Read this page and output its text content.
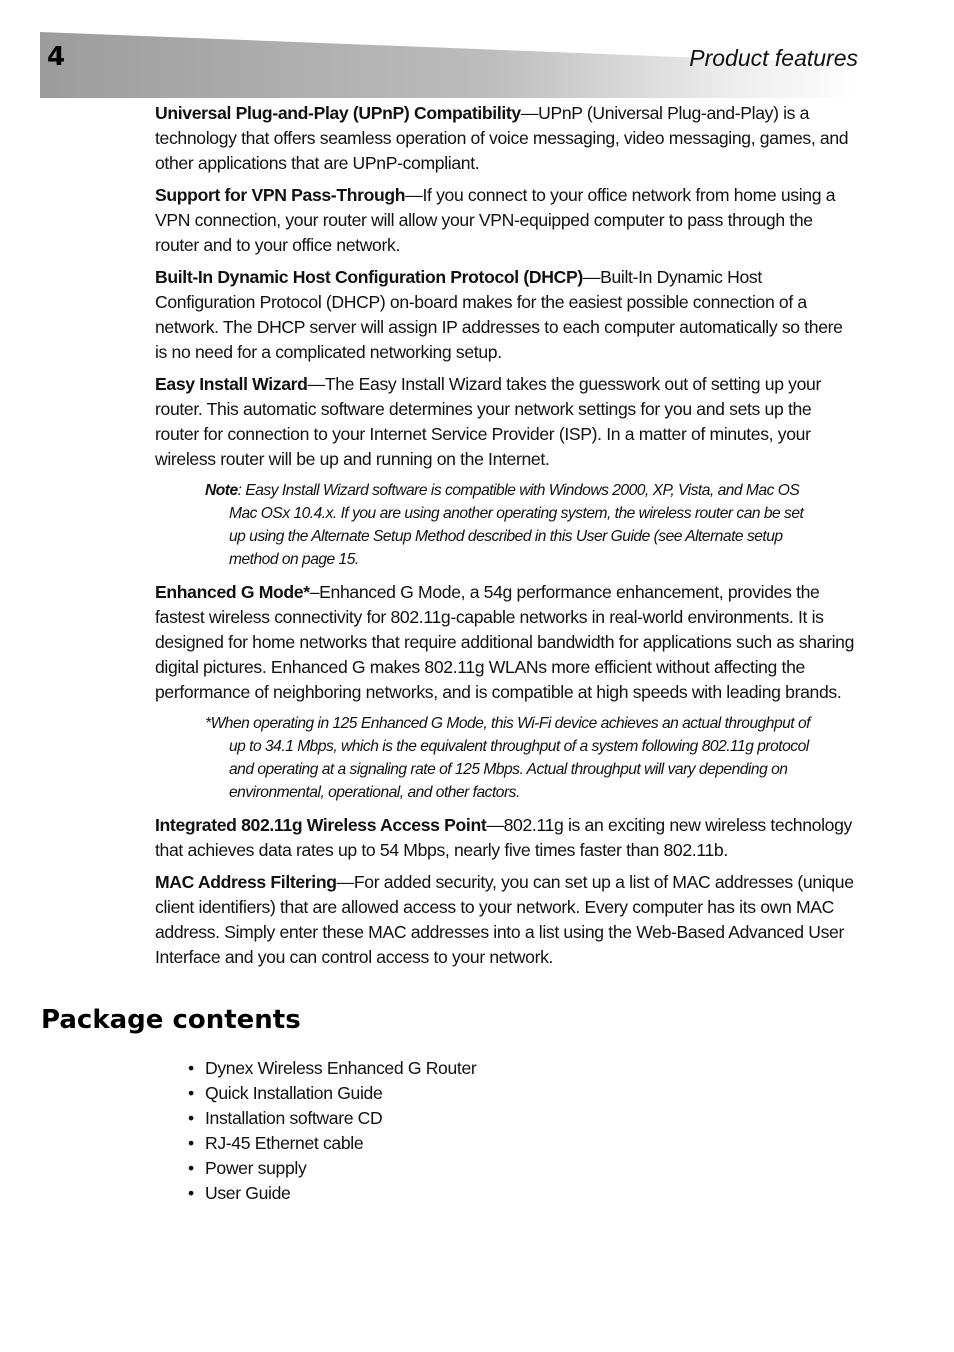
4	Product features

Universal Plug-and-Play (UPnP) Compatibility—UPnP (Universal Plug-and-Play) is a technology that offers seamless operation of voice messaging, video messaging, games, and other applications that are UPnP-compliant.

Support for VPN Pass-Through—If you connect to your office network from home using a VPN connection, your router will allow your VPN-equipped computer to pass through the router and to your office network.

Built-In Dynamic Host Configuration Protocol (DHCP)—Built-In Dynamic Host Configuration Protocol (DHCP) on-board makes for the easiest possible connection of a network. The DHCP server will assign IP addresses to each computer automatically so there is no need for a complicated networking setup.

Easy Install Wizard—The Easy Install Wizard takes the guesswork out of setting up your router. This automatic software determines your network settings for you and sets up the router for connection to your Internet Service Provider (ISP). In a matter of minutes, your wireless router will be up and running on the Internet.

Note: Easy Install Wizard software is compatible with Windows 2000, XP, Vista, and Mac OS Mac OSx 10.4.x. If you are using another operating system, the wireless router can be set up using the Alternate Setup Method described in this User Guide (see Alternate setup method on page 15.

Enhanced G Mode*–Enhanced G Mode, a 54g performance enhancement, provides the fastest wireless connectivity for 802.11g-capable networks in real-world environments. It is designed for home networks that require additional bandwidth for applications such as sharing digital pictures. Enhanced G makes 802.11g WLANs more efficient without affecting the performance of neighboring networks, and is compatible at high speeds with leading brands.

*When operating in 125 Enhanced G Mode, this Wi-Fi device achieves an actual throughput of up to 34.1 Mbps, which is the equivalent throughput of a system following 802.11g protocol and operating at a signaling rate of 125 Mbps. Actual throughput will vary depending on environmental, operational, and other factors.

Integrated 802.11g Wireless Access Point—802.11g is an exciting new wireless technology that achieves data rates up to 54 Mbps, nearly five times faster than 802.11b.

MAC Address Filtering—For added security, you can set up a list of MAC addresses (unique client identifiers) that are allowed access to your network. Every computer has its own MAC address. Simply enter these MAC addresses into a list using the Web-Based Advanced User Interface and you can control access to your network.

Package contents
• Dynex Wireless Enhanced G Router
• Quick Installation Guide
• Installation software CD
• RJ-45 Ethernet cable
• Power supply
• User Guide
